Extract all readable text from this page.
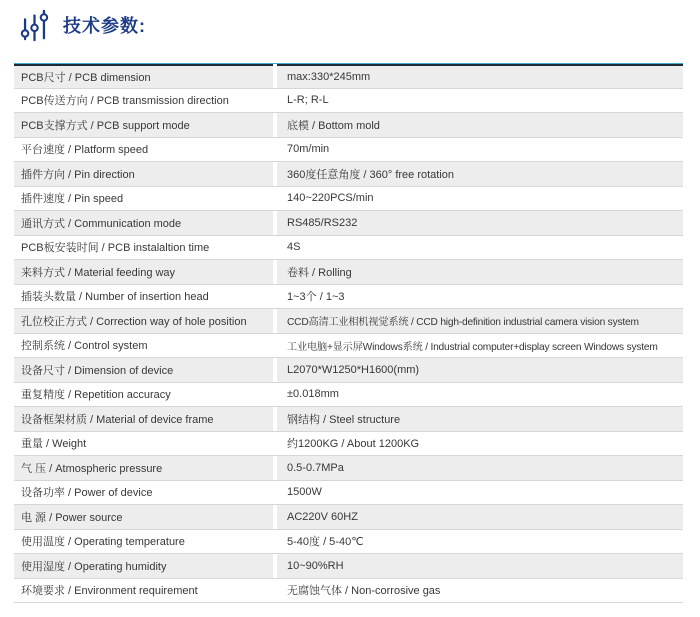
技术参数:
PCB尺寸 / PCB dimension	max:330*245mm
PCB传送方向 / PCB transmission direction	L-R; R-L
PCB支撑方式 / PCB support mode	底模 / Bottom mold
平台速度 / Platform speed	70m/min
插件方向 / Pin direction	360度任意角度 / 360° free rotation
插件速度 / Pin speed	140~220PCS/min
通讯方式 / Communication mode	RS485/RS232
PCB板安装时间 / PCB instalaltion time	4S
来料方式 / Material feeding way	卷料 / Rolling
插装头数量 / Number of insertion head	1~3个 / 1~3
孔位校正方式 / Correction way of hole position	CCD高清工业相机视觉系统 / CCD high-definition industrial camera vision system
控制系统 / Control system	工业电脑+显示屏Windows系统 / Industrial computer+display screen Windows system
设备尺寸 / Dimension of device	L2070*W1250*H1600(mm)
重复精度 / Repetition accuracy	±0.018mm
设备框架材质 / Material of device frame	钢结构 / Steel structure
重量 / Weight	约1200KG / About 1200KG
气 压 / Atmospheric pressure	0.5-0.7MPa
设备功率 / Power of device	1500W
电 源 / Power source	AC220V 60HZ
使用温度 / Operating temperature	5-40度 / 5-40℃
使用湿度 / Operating humidity	10~90%RH
环境要求 / Environment requirement	无腐蚀气体 / Non-corrosive gas
